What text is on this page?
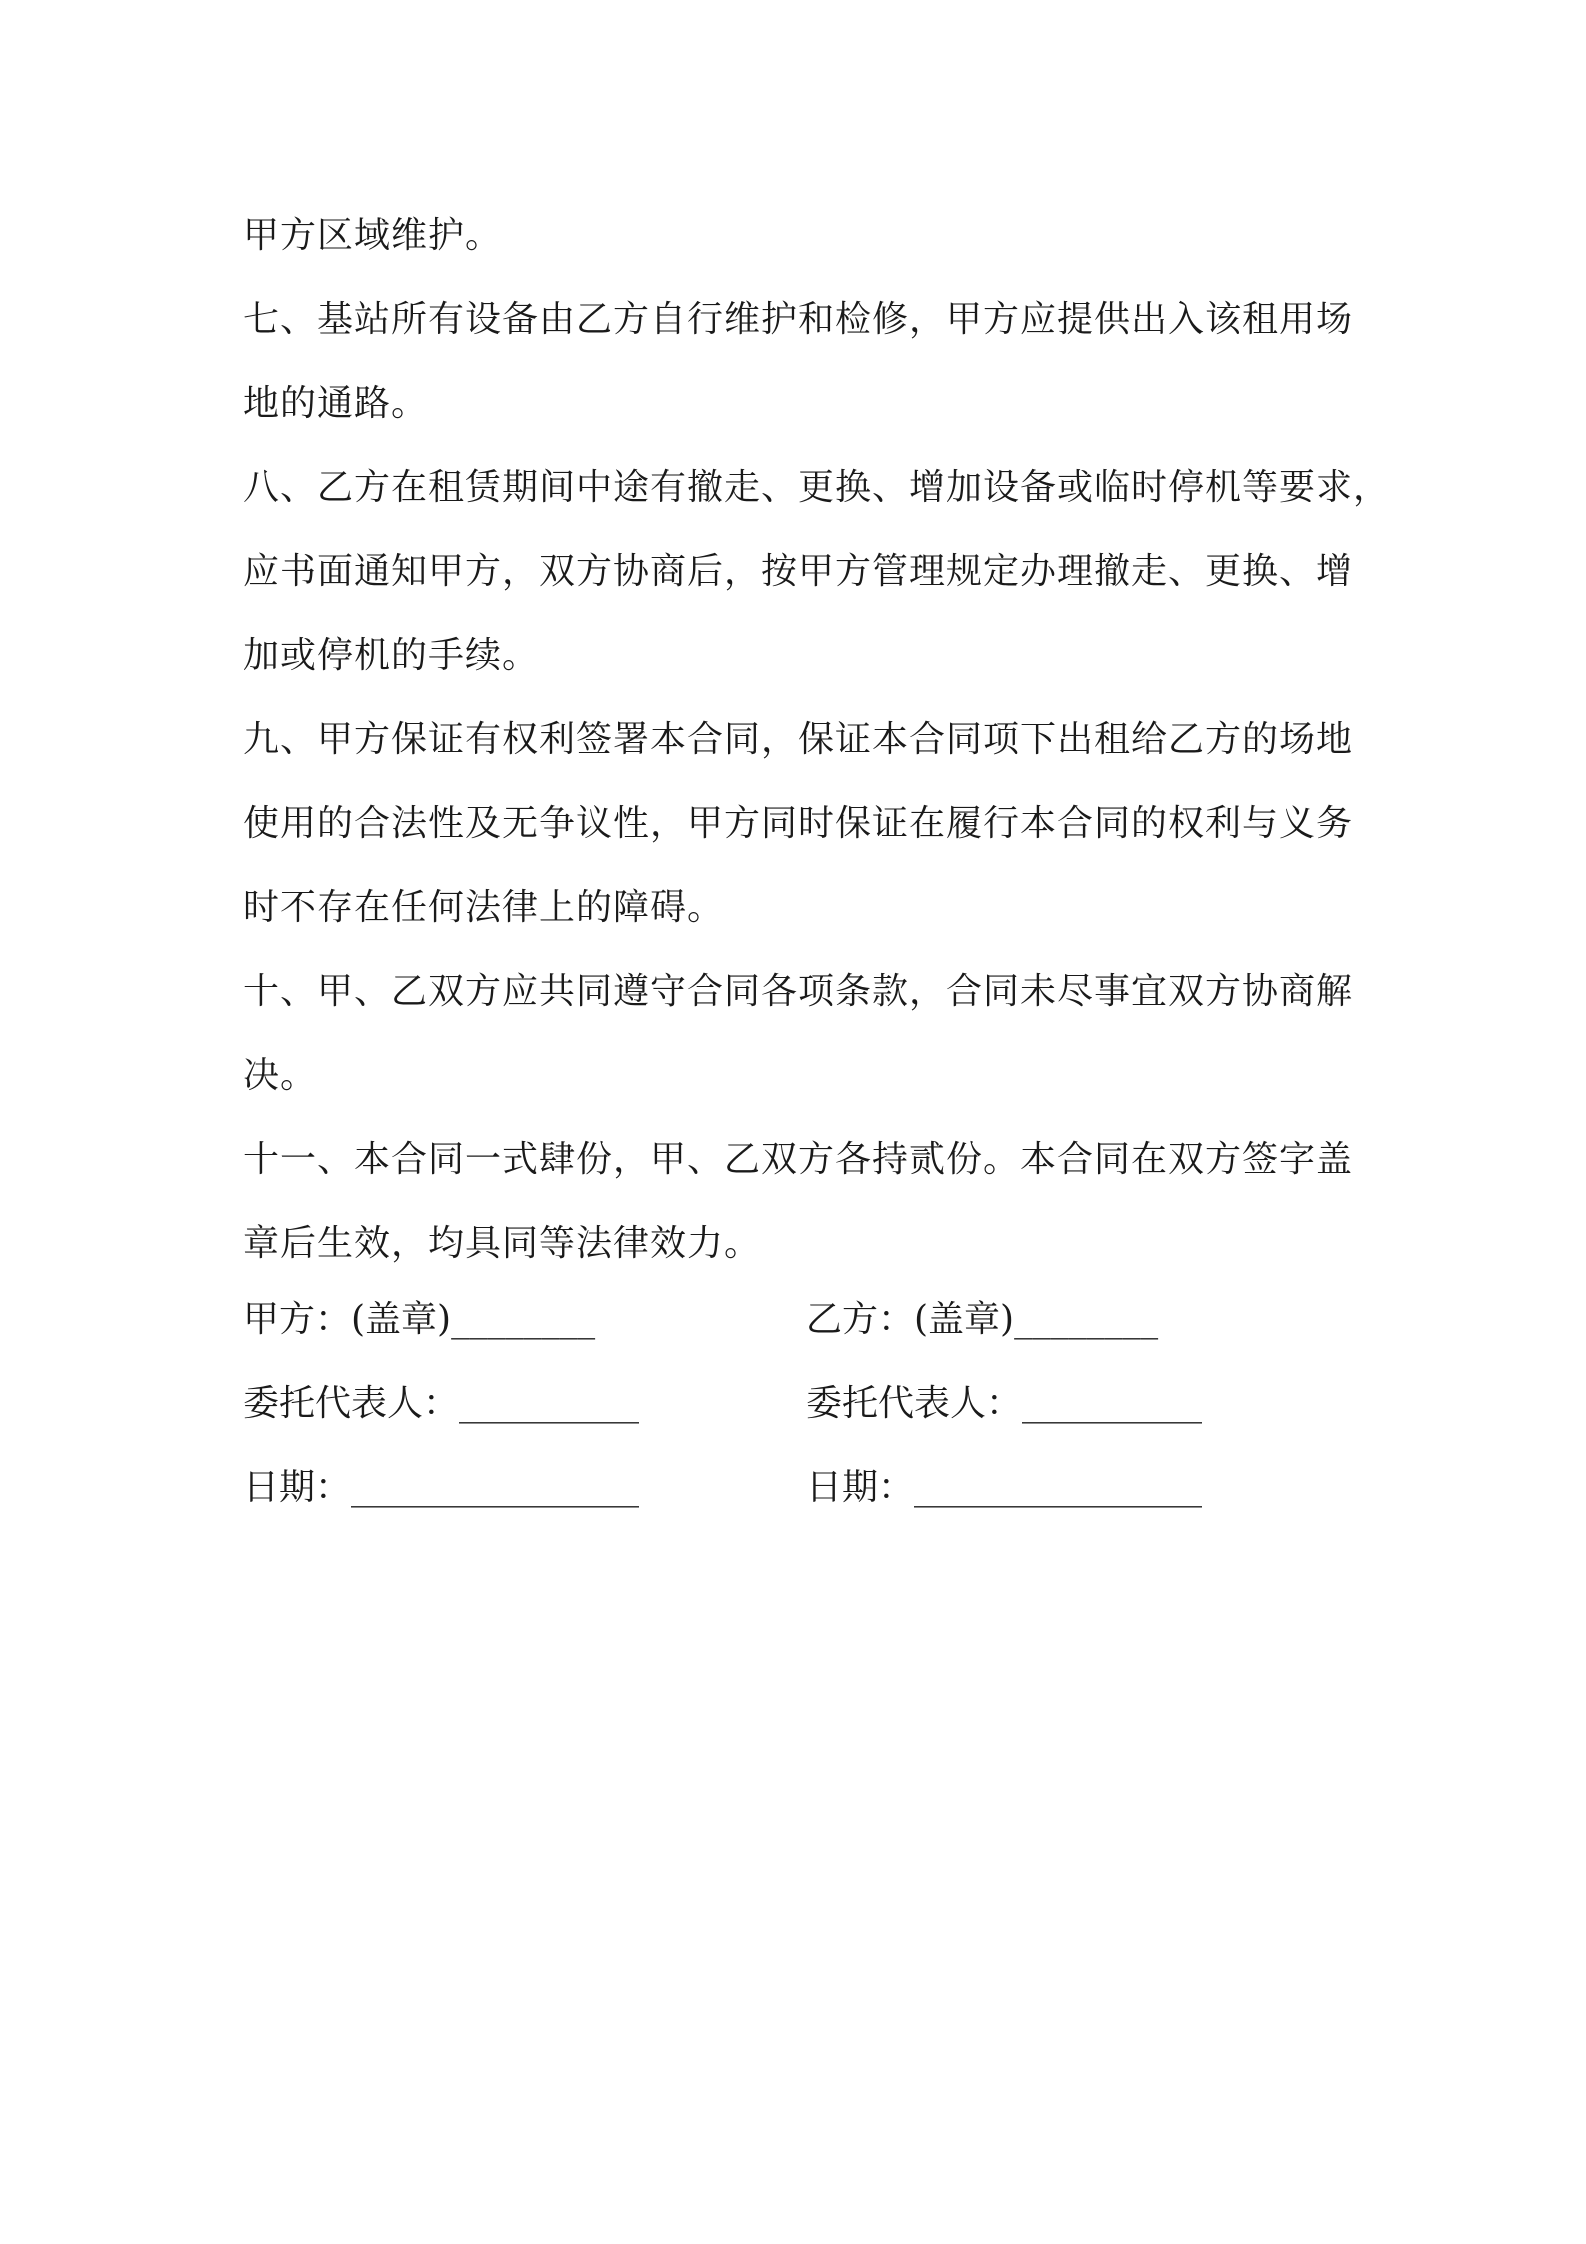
甲方区域维护。
七、基站所有设备由乙方自行维护和检修，甲方应提供出入该租用场
地的通路。
八、乙方在租赁期间中途有撤走、更换、增加设备或临时停机等要求，
应书面通知甲方，双方协商后，按甲方管理规定办理撤走、更换、增
加或停机的手续。
九、甲方保证有权利签署本合同，保证本合同项下出租给乙方的场地
使用的合法性及无争议性，甲方同时保证在履行本合同的权利与义务
时不存在任何法律上的障碍。
十、甲、乙双方应共同遵守合同各项条款，合同未尽事宜双方协商解
决。
十一、本合同一式肆份，甲、乙双方各持贰份。本合同在双方签字盖
章后生效，均具同等法律效力。
甲方：(盖章)________	乙方：(盖章)________
委托代表人：__________	委托代表人：__________
日期：________________	日期：________________
